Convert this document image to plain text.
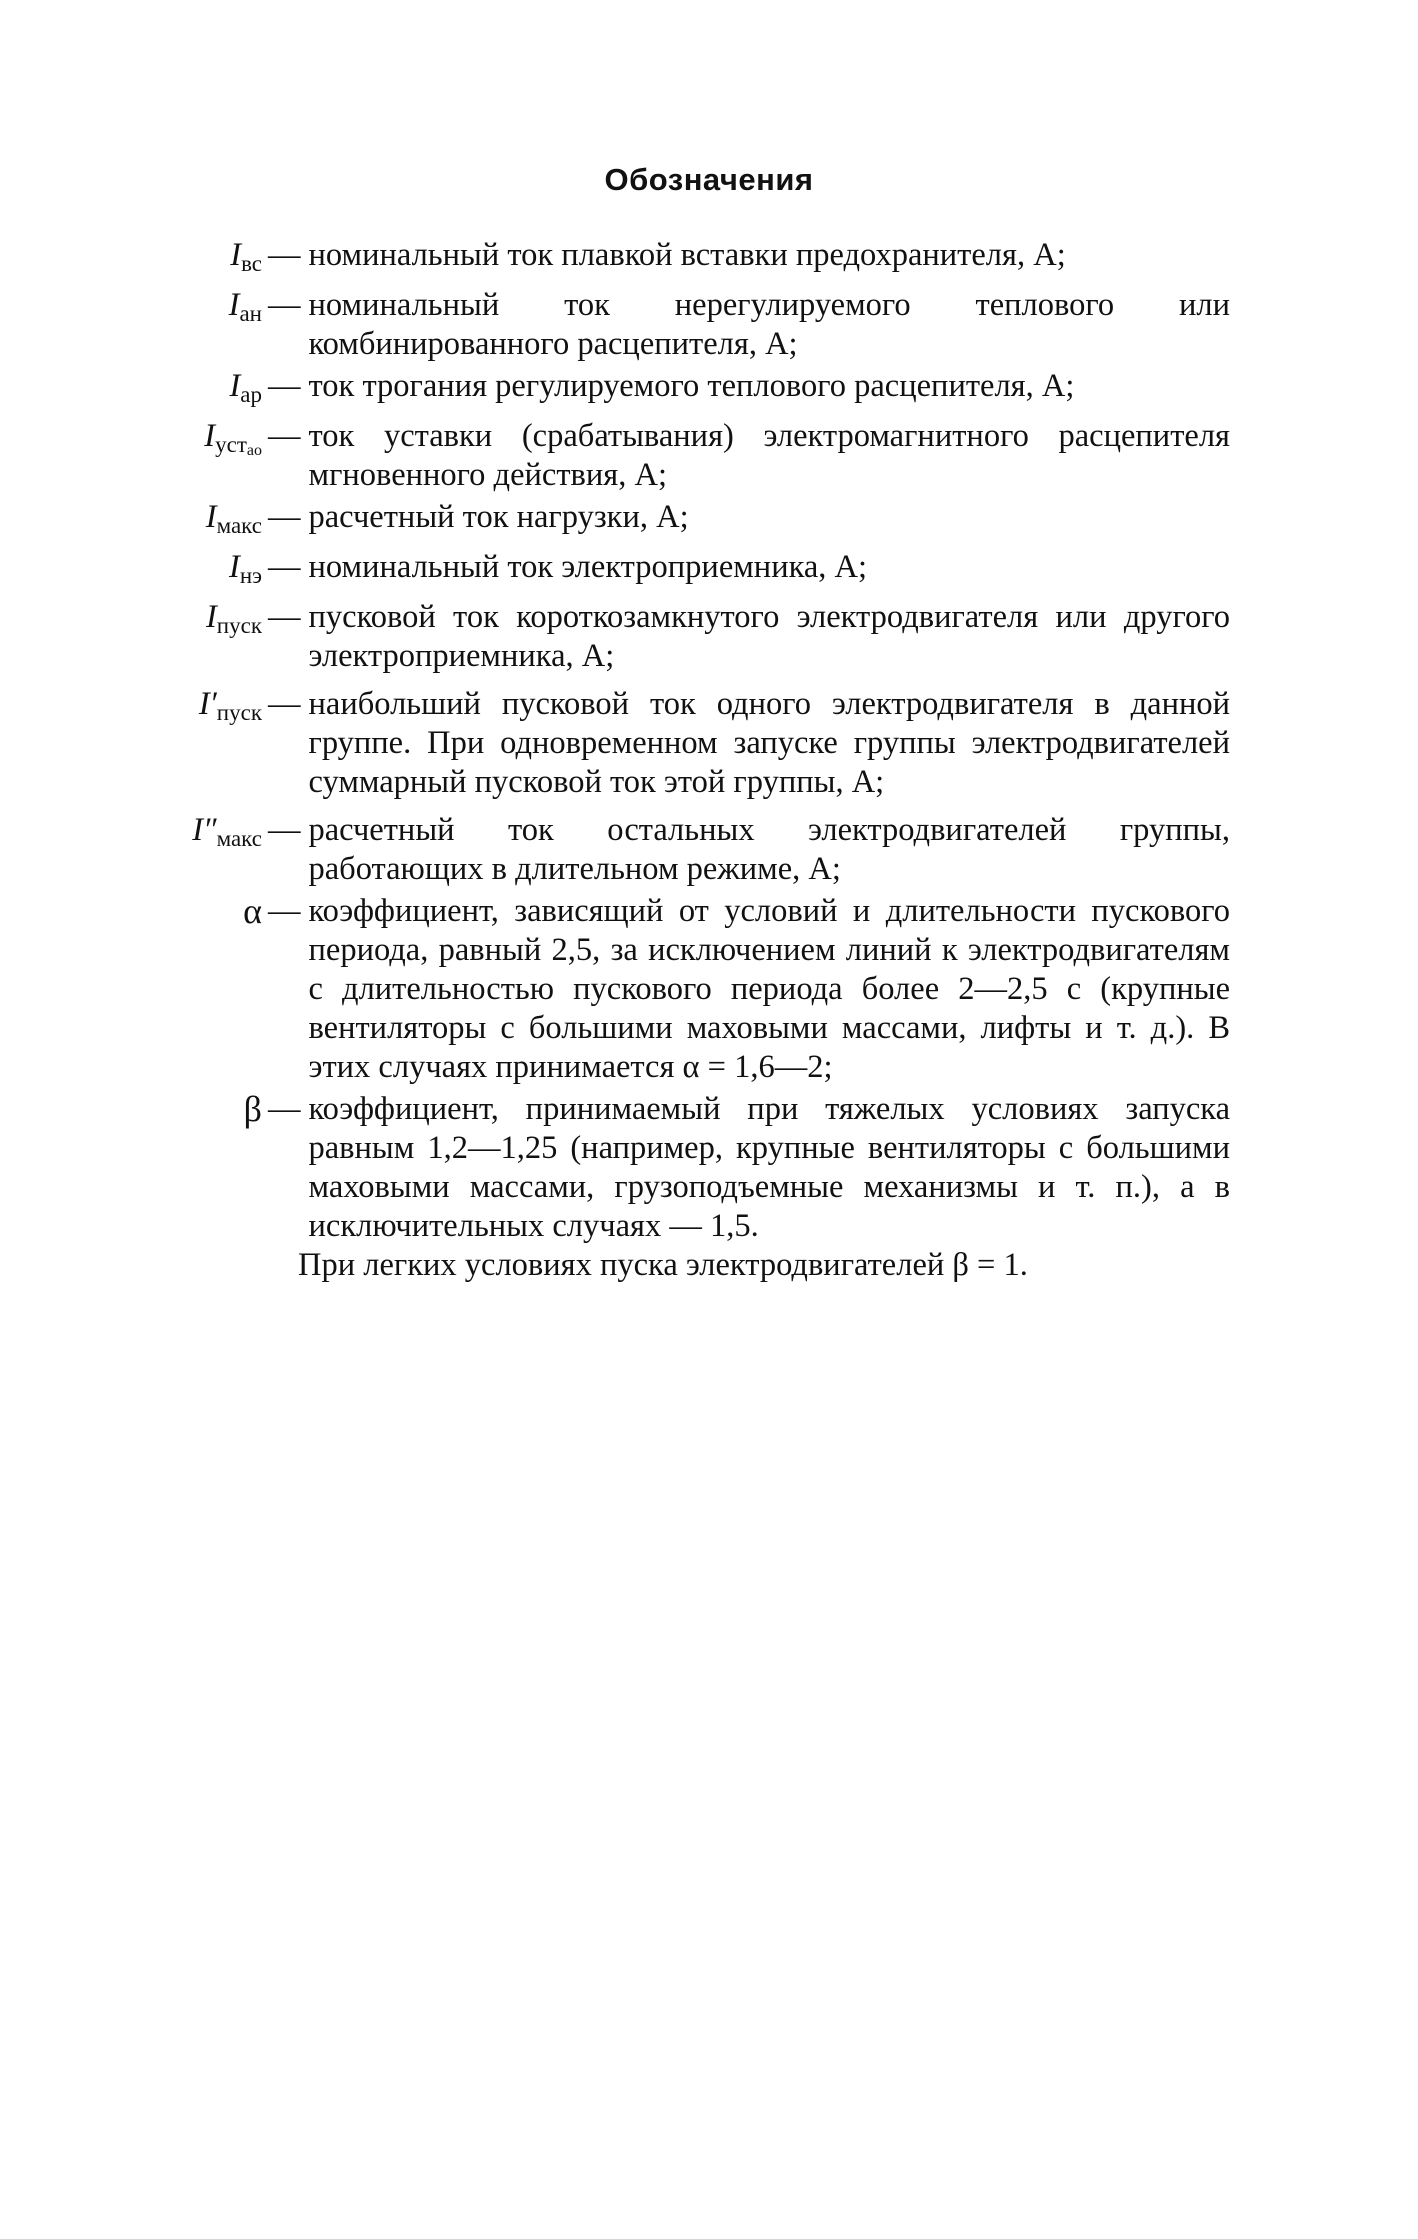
Обозначения
$I_{вс}$ — номинальный ток плавкой вставки предохранителя, А;
$I_{ан}$ — номинальный ток нерегулируемого теплового или комбинированного расцепителя, А;
$I_{ар}$ — ток трогания регулируемого теплового расцепителя, А;
$I_{устао}$ — ток уставки (срабатывания) электромагнитного расцепителя мгновенного действия, А;
$I_{макс}$ — расчетный ток нагрузки, А;
$I_{нэ}$ — номинальный ток электроприемника, А;
$I_{пуск}$ — пусковой ток короткозамкнутого электродвигателя или другого электроприемника, А;
$I'_{пуск}$ — наибольший пусковой ток одного электродвигателя в данной группе. При одновременном запуске группы электродвигателей суммарный пусковой ток этой группы, А;
$I''_{макс}$ — расчетный ток остальных электродвигателей группы, работающих в длительном режиме, А;
α — коэффициент, зависящий от условий и длительности пускового периода, равный 2,5, за исключением линий к электродвигателям с длительностью пускового периода более 2—2,5 с (крупные вентиляторы с большими маховыми массами, лифты и т. д.). В этих случаях принимается α = 1,6—2;
β — коэффициент, принимаемый при тяжелых условиях запуска равным 1,2—1,25 (например, крупные вентиляторы с большими маховыми массами, грузоподъемные механизмы и т. п.), а в исключительных случаях — 1,5.
При легких условиях пуска электродвигателей β = 1.
